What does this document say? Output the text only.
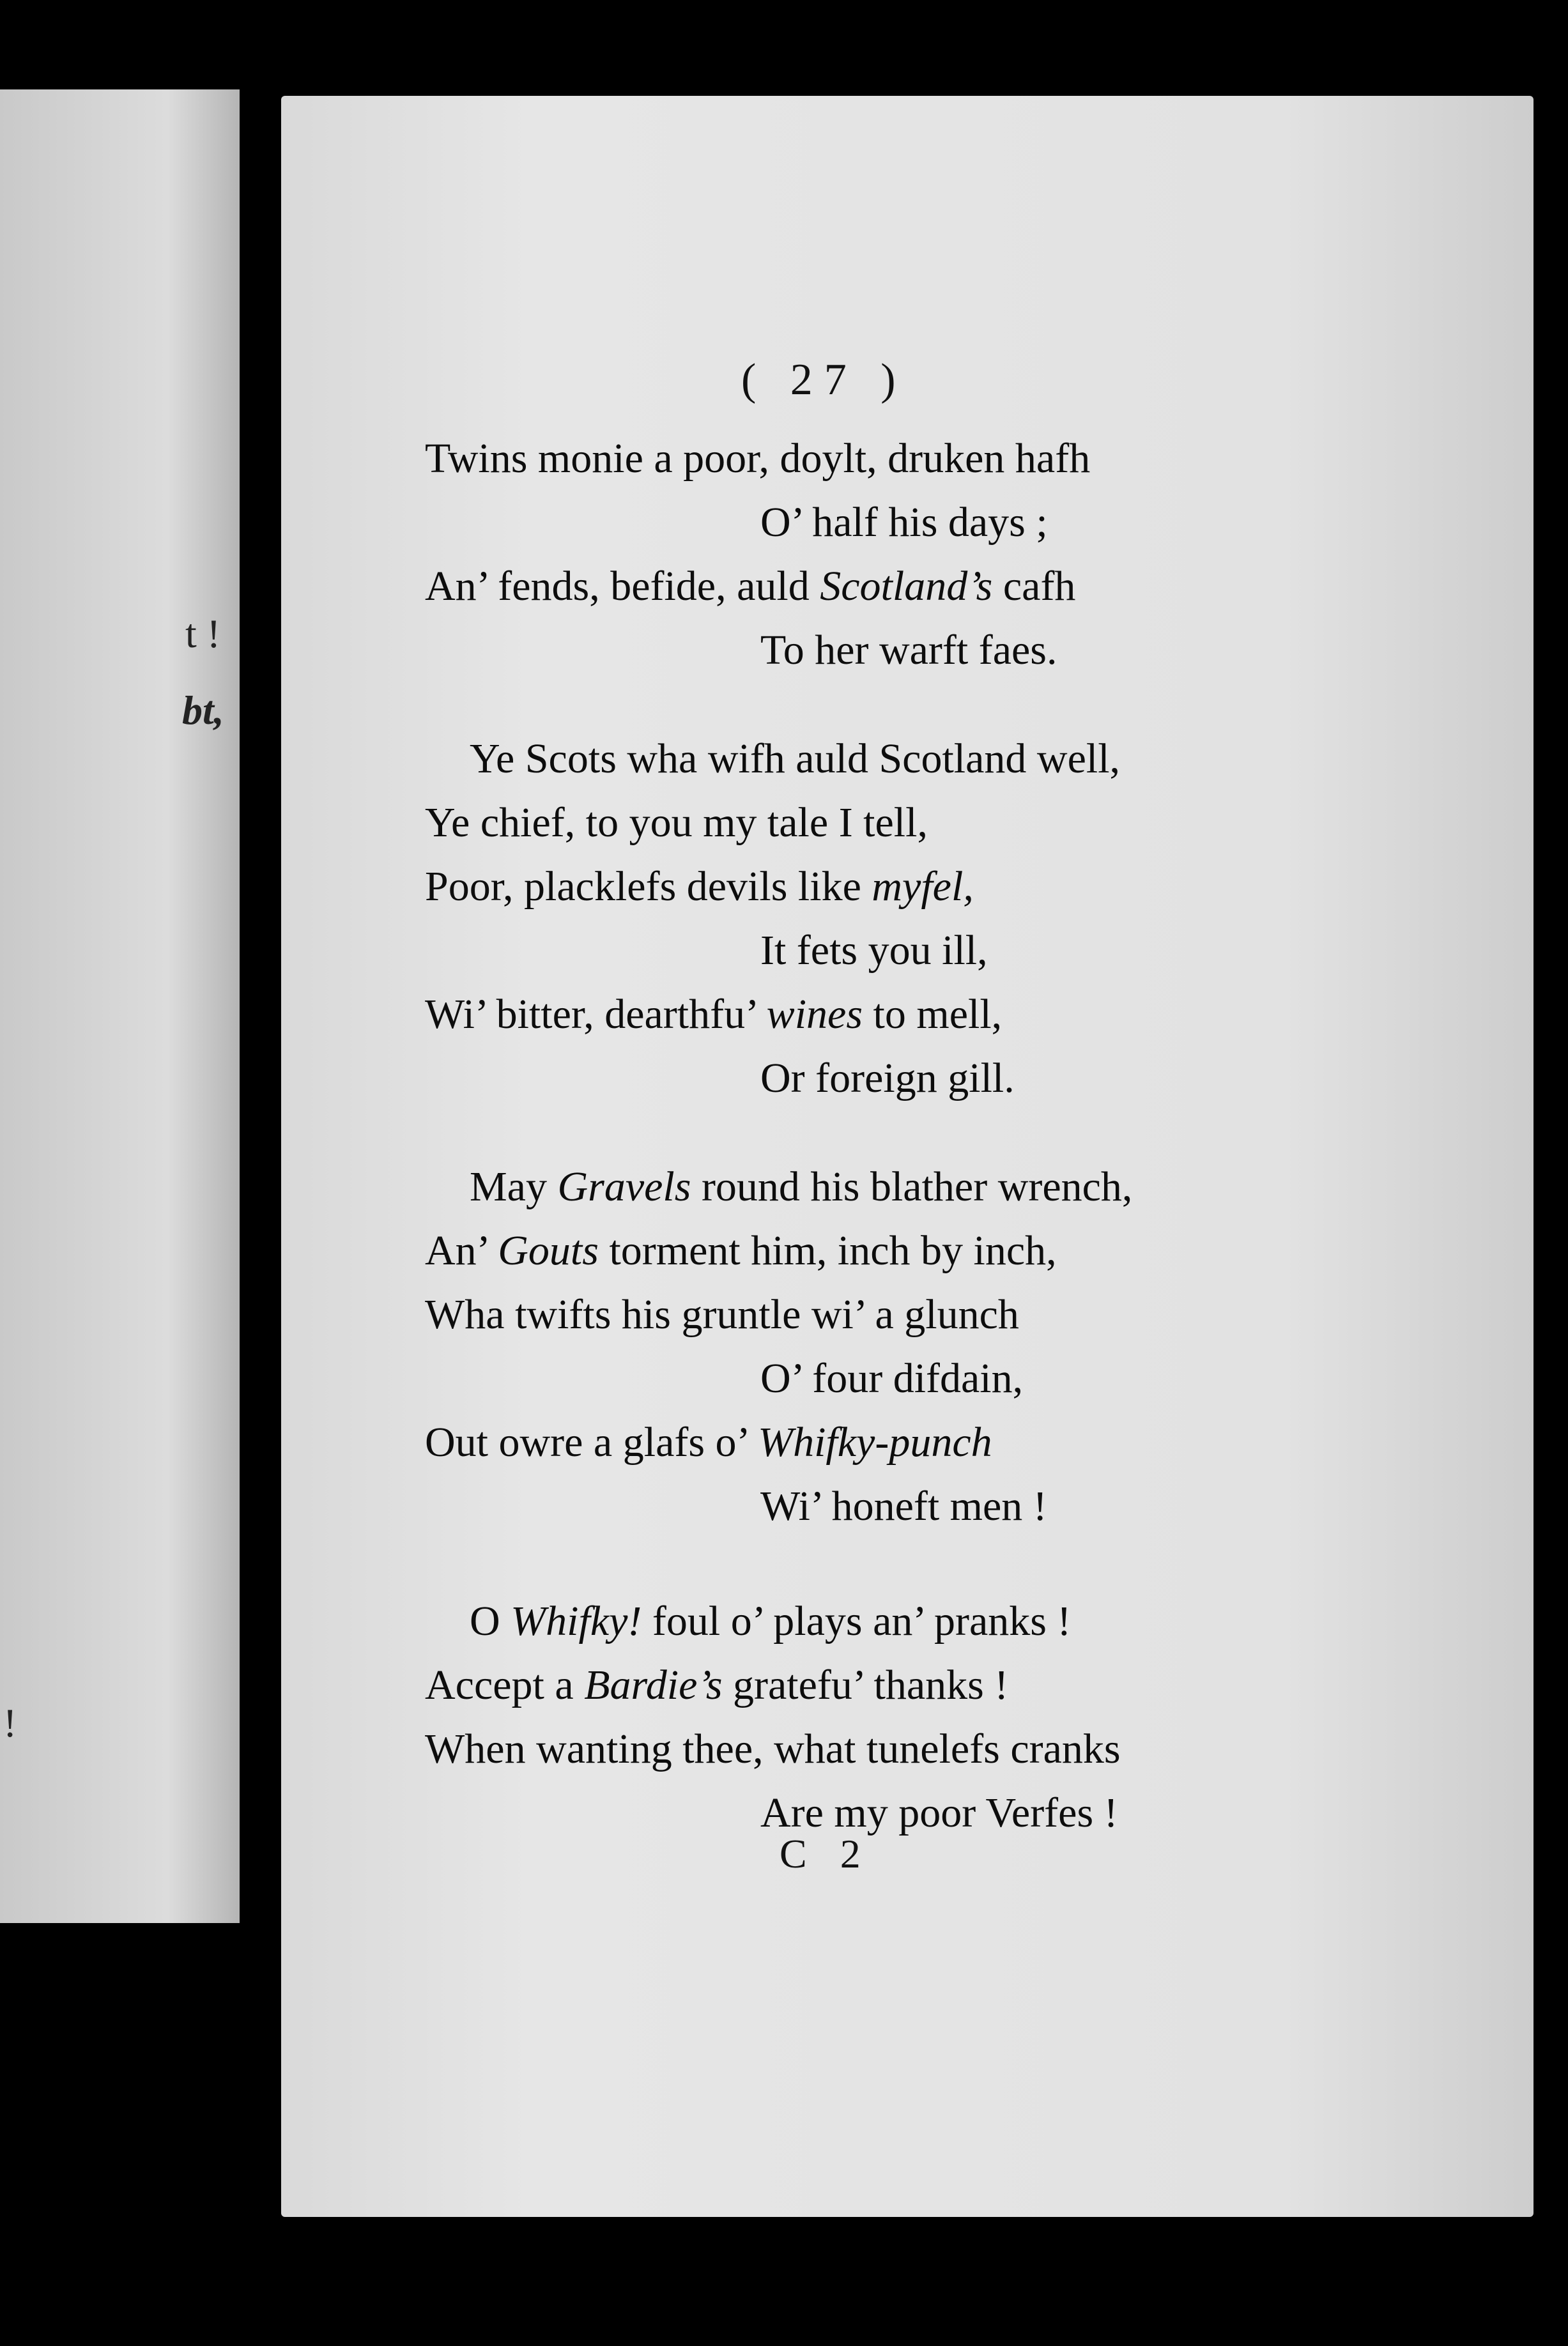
t !
bt,
!
( 27 )
Twins monie a poor, doylt, druken hafh
O’ half his days ;
An’ fends, befide, auld Scotland’s cafh
To her warft faes.
Ye Scots wha wifh auld Scotland well,
Ye chief, to you my tale I tell,
Poor, placklefs devils like myfel,
It fets you ill,
Wi’ bitter, dearthfu’ wines to mell,
Or foreign gill.
May Gravels round his blather wrench,
An’ Gouts torment him, inch by inch,
Wha twifts his gruntle wi’ a glunch
O’ four difdain,
Out owre a glafs o’ Whifky-punch
Wi’ honeft men !
O Whifky! foul o’ plays an’ pranks !
Accept a Bardie’s gratefu’ thanks !
When wanting thee, what tunelefs cranks
Are my poor Verfes !
C 2
